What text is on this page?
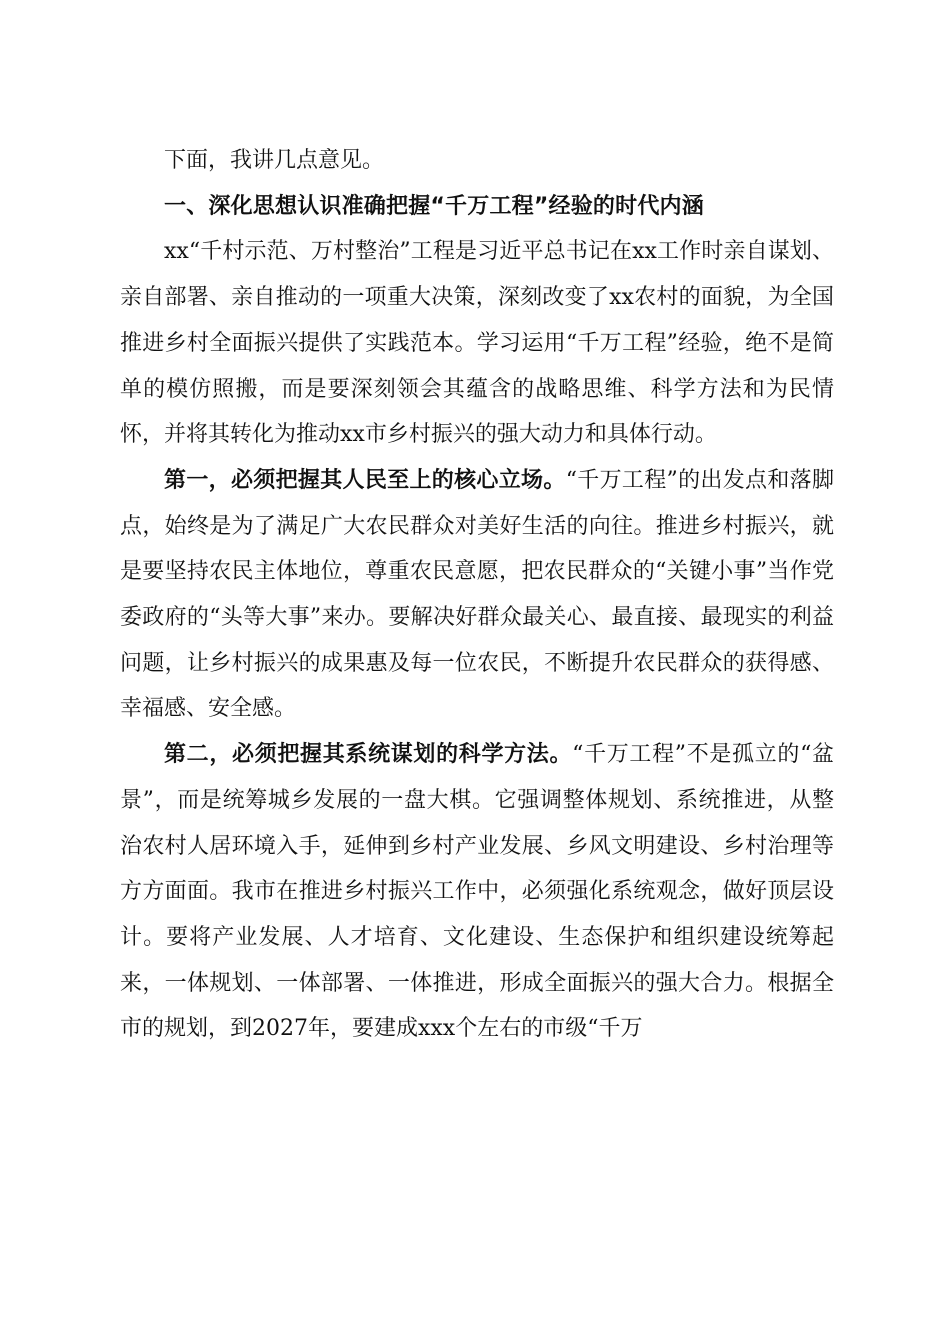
下面，我讲几点意见。

一、深化思想认识准确把握“千万工程”经验的时代内涵

xx“千村示范、万村整治”工程是习近平总书记在xx工作时亲自谋划、亲自部署、亲自推动的一项重大决策，深刻改变了xx农村的面貌，为全国推进乡村全面振兴提供了实践范本。学习运用“千万工程”经验，绝不是简单的模仿照搬，而是要深刻领会其蕴含的战略思维、科学方法和为民情怀，并将其转化为推动xx市乡村振兴的强大动力和具体行动。

第一，必须把握其人民至上的核心立场。“千万工程”的出发点和落脚点，始终是为了满足广大农民群众对美好生活的向往。推进乡村振兴，就是要坚持农民主体地位，尊重农民意愿，把农民群众的“关键小事”当作党委政府的“头等大事”来办。要解决好群众最关心、最直接、最现实的利益问题，让乡村振兴的成果惠及每一位农民，不断提升农民群众的获得感、幸福感、安全感。

第二，必须把握其系统谋划的科学方法。“千万工程”不是孤立的“盆景”，而是统筹城乡发展的一盘大棋。它强调整体规划、系统推进，从整治农村人居环境入手，延伸到乡村产业发展、乡风文明建设、乡村治理等方方面面。我市在推进乡村振兴工作中，必须强化系统观念，做好顶层设计。要将产业发展、人才培育、文化建设、生态保护和组织建设统筹起来，一体规划、一体部署、一体推进，形成全面振兴的强大合力。根据全市的规划，到2027年，要建成xxx个左右的市级“千万
